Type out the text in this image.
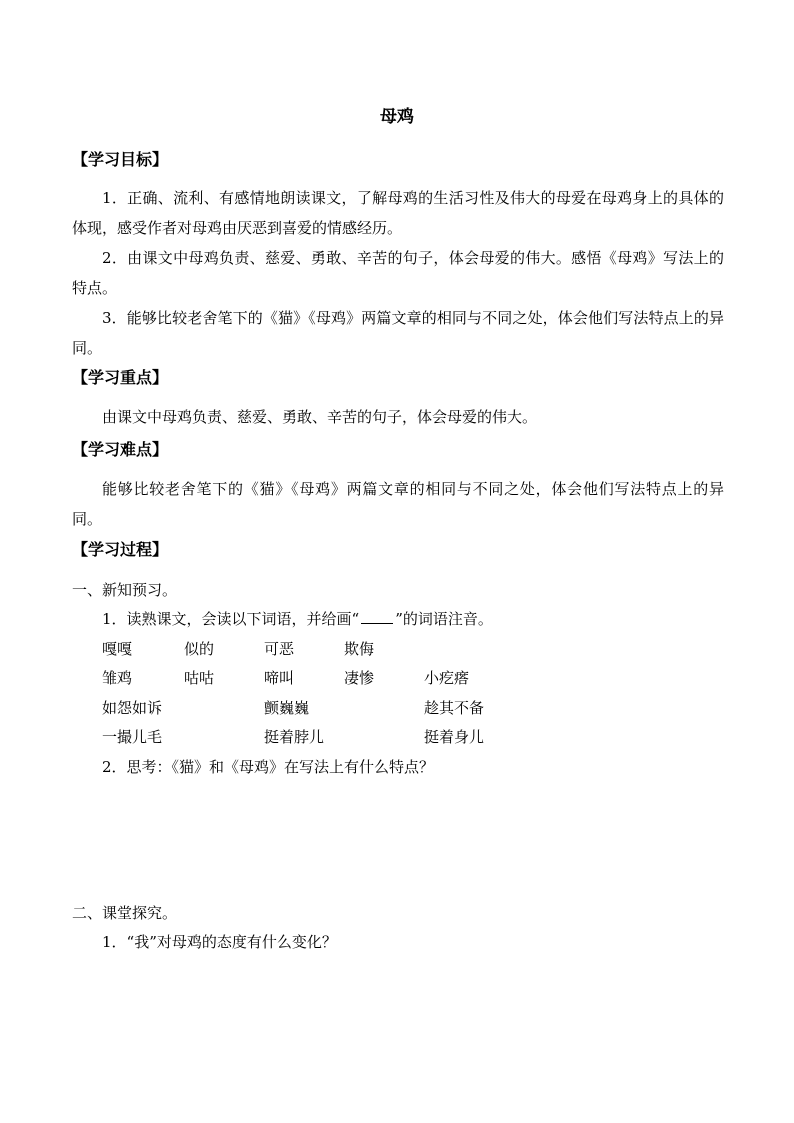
母鸡
【学习目标】
1．正确、流利、有感情地朗读课文，了解母鸡的生活习性及伟大的母爱在母鸡身上的具体的体现，感受作者对母鸡由厌恶到喜爱的情感经历。
2．由课文中母鸡负责、慈爱、勇敢、辛苦的句子，体会母爱的伟大。感悟《母鸡》写法上的特点。
3．能够比较老舍笔下的《猫》《母鸡》两篇文章的相同与不同之处，体会他们写法特点上的异同。
【学习重点】
由课文中母鸡负责、慈爱、勇敢、辛苦的句子，体会母爱的伟大。
【学习难点】
能够比较老舍笔下的《猫》《母鸡》两篇文章的相同与不同之处，体会他们写法特点上的异同。
【学习过程】
一、新知预习。
1．读熟课文，会读以下词语，并给画“ ”的词语注音。
嘎嘎	似的	可恶	欺侮
雏鸡	咕咕	啼叫	凄惨	小疙瘩
如怨如诉	颤巍巍	趁其不备
一撮儿毛	挺着脖儿	挺着身儿
2．思考：《猫》和《母鸡》在写法上有什么特点？
二、课堂探究。
1．“我”对母鸡的态度有什么变化？
